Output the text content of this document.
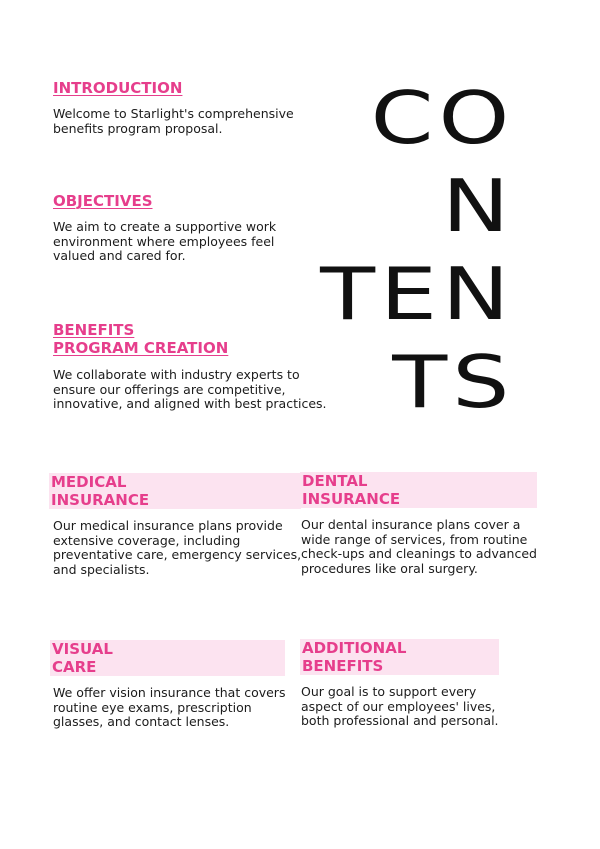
CO
N
TEN
TS
INTRODUCTION
Welcome to Starlight's comprehensive
benefits program proposal.
OBJECTIVES
We aim to create a supportive work
environment where employees feel
valued and cared for.
BENEFITS
PROGRAM CREATION
We collaborate with industry experts to
ensure our offerings are competitive,
innovative, and aligned with best practices.
MEDICAL
INSURANCE
Our medical insurance plans provide
extensive coverage, including
preventative care, emergency services,
and specialists.
DENTAL
INSURANCE
Our dental insurance plans cover a
wide range of services, from routine
check-ups and cleanings to advanced
procedures like oral surgery.
VISUAL
CARE
We offer vision insurance that covers
routine eye exams, prescription
glasses, and contact lenses.
ADDITIONAL
BENEFITS
Our goal is to support every
aspect of our employees' lives,
both professional and personal.
